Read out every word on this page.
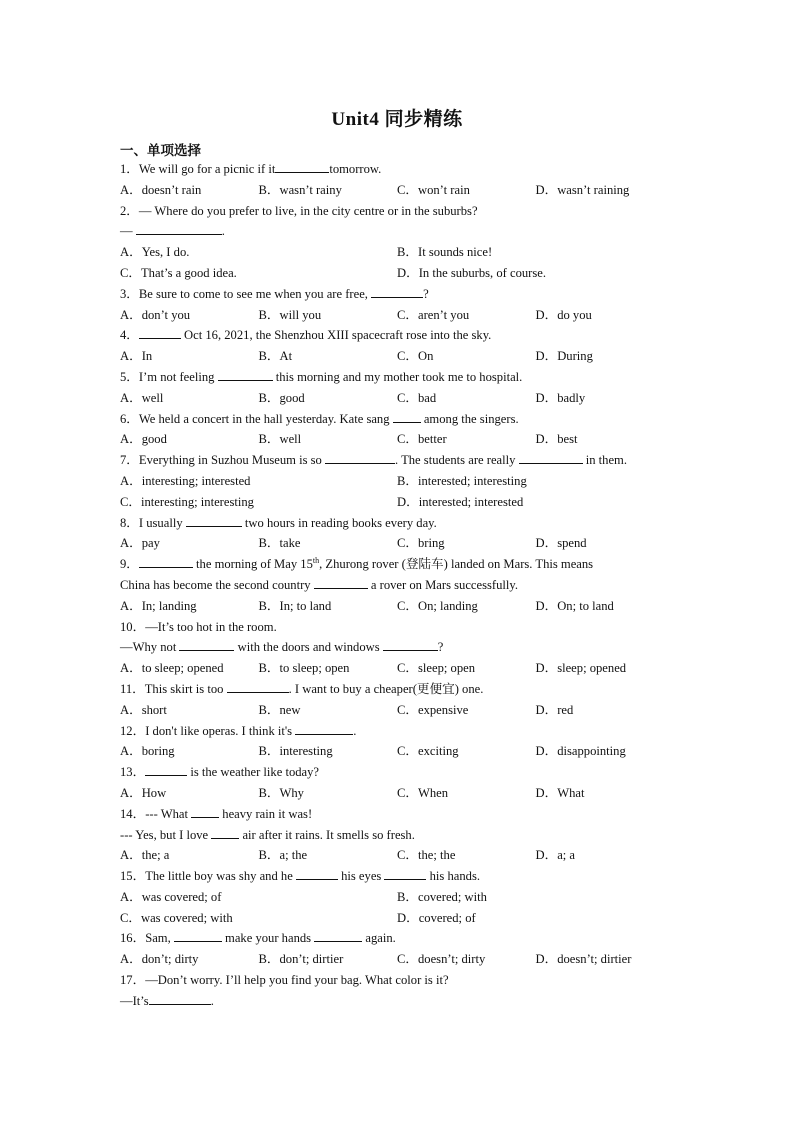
Unit4 同步精练
一、单项选择
1．We will go for a picnic if it	tomorrow.
A．doesn’t rain	B．wasn’t rainy	C．won’t rain	D．wasn’t raining
2．— Where do you prefer to live, in the city centre or in the suburbs?
—	.
A．Yes, I do.	B．It sounds nice!
C．That’s a good idea.	D．In the suburbs, of course.
3．Be sure to come to see me when you are free,	?
A．don’t you	B．will you	C．aren’t you	D．do you
4．	Oct 16, 2021, the Shenzhou XIII spacecraft rose into the sky.
A．In	B．At	C．On	D．During
5．I’m not feeling	this morning and my mother took me to hospital.
A．well	B．good	C．bad	D．badly
6．We held a concert in the hall yesterday. Kate sang  among the singers.
A．good	B．well	C．better	D．best
7．Everything in Suzhou Museum is so	. The students are really	in them.
A．interesting; interested	B．interested; interesting
C．interesting; interesting	D．interested; interested
8．I usually	two hours in reading books every day.
A．pay	B．take	C．bring	D．spend
9．	the morning of May 15th, Zhurong rover (登陆车) landed on Mars. This means
China has become the second country	a rover on Mars successfully.
A．In; landing	B．In; to land	C．On; landing	D．On; to land
10．—It’s too hot in the room.
—Why not	with the doors and windows	?
A．to sleep; opened	B．to sleep; open	C．sleep; open	D．sleep; opened
11．This skirt is too	. I want to buy a cheaper(更便宜) one.
A．short	B．new	C．expensive	D．red
12．I don't like operas. I think it's	.
A．boring	B．interesting	C．exciting	D．disappointing
13．	is the weather like today?
A．How	B．Why	C．When	D．What
14．--- What  heavy rain it was!
--- Yes, but I love  air after it rains. It smells so fresh.
A．the; a	B．a; the	C．the; the	D．a; a
15．The little boy was shy and he	his eyes	his hands.
A．was covered; of	B．covered; with
C．was covered; with	D．covered; of
16．Sam,	make your hands	again.
A．don’t; dirty	B．don’t; dirtier	C．doesn’t; dirty	D．doesn’t; dirtier
17．—Don’t worry. I’ll help you find your bag. What color is it?
—It’s	.
